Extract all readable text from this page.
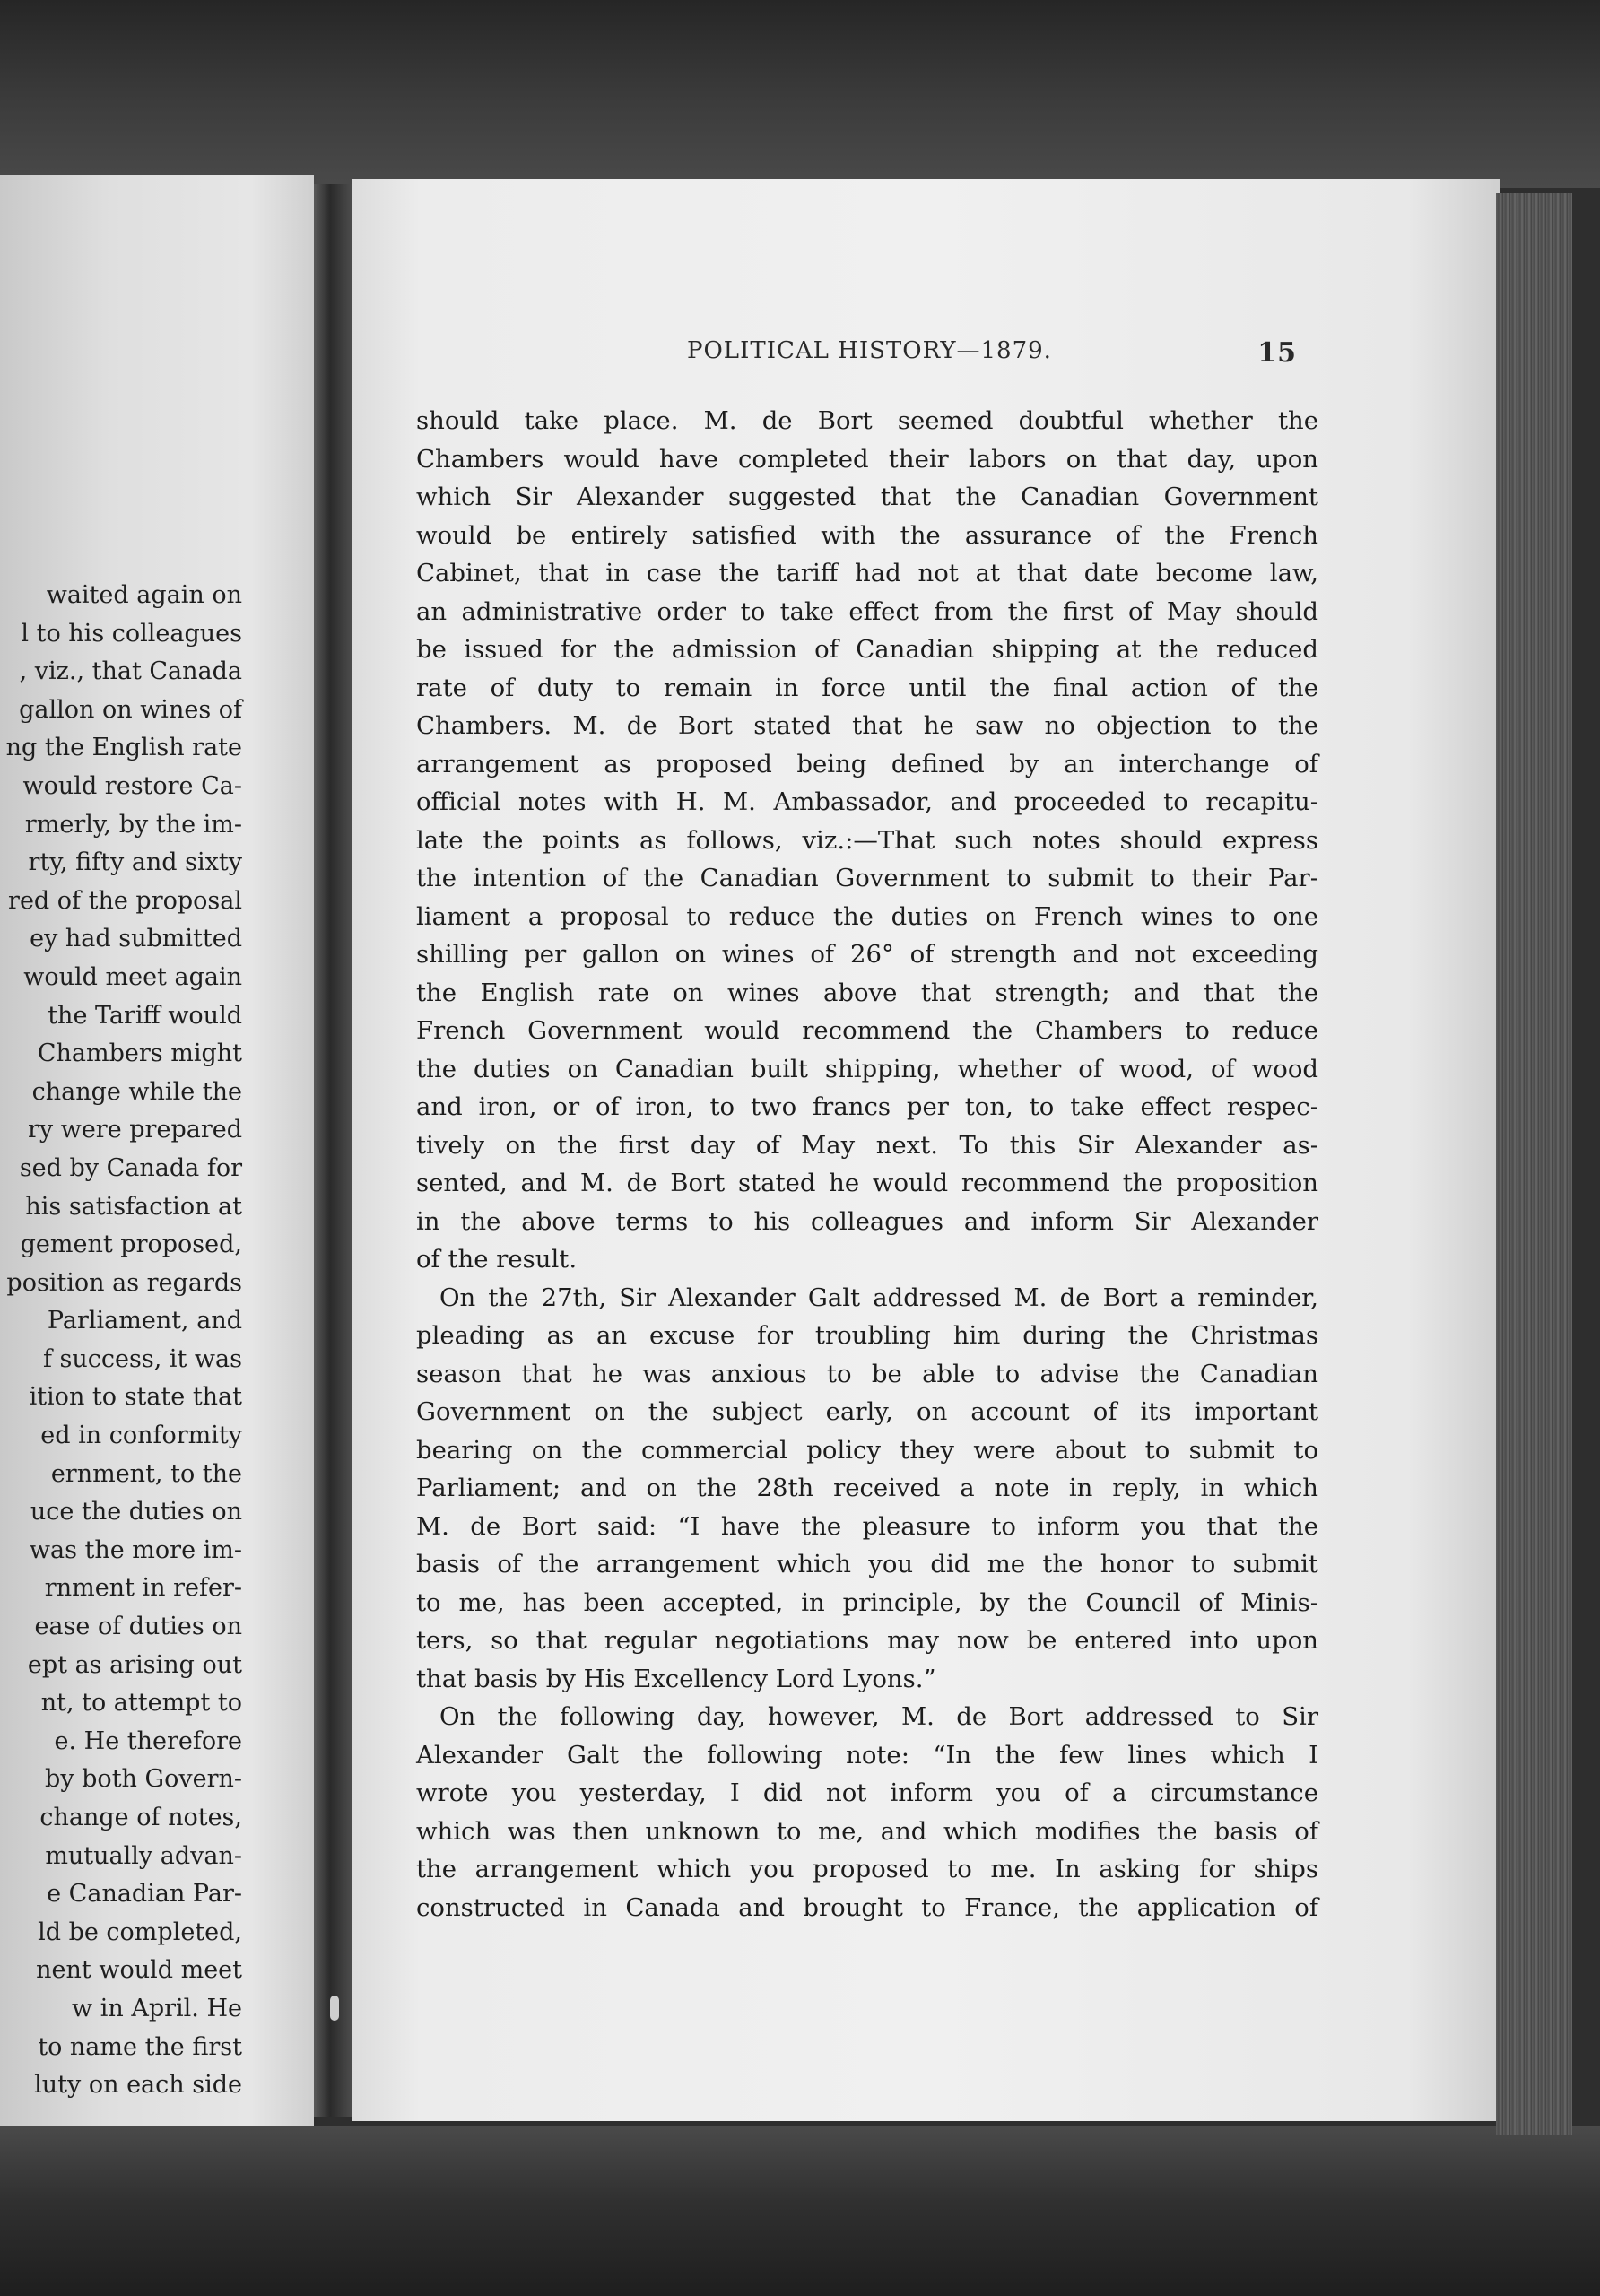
waited again on
l to his colleagues
, viz., that Canada
gallon on wines of
ng the English rate
would restore Ca-
rmerly, by the im-
rty, fifty and sixty
red of the proposal
ey had submitted
would meet again
the Tariff would
Chambers might
change while the
ry were prepared
sed by Canada for
his satisfaction at
gement proposed,
position as regards
Parliament, and
f success, it was
ition to state that
ed in conformity
ernment, to the
uce the duties on
was the more im-
rnment in refer-
ease of duties on
ept as arising out
nt, to attempt to
e. He therefore
by both Govern-
change of notes,
mutually advan-
e Canadian Par-
ld be completed,
nent would meet
w in April. He
to name the first
luty on each side
POLITICAL HISTORY—1879.	15
should take place. M. de Bort seemed doubtful whether the
Chambers would have completed their labors on that day, upon
which Sir Alexander suggested that the Canadian Government
would be entirely satisfied with the assurance of the French
Cabinet, that in case the tariff had not at that date become law,
an administrative order to take effect from the first of May should
be issued for the admission of Canadian shipping at the reduced
rate of duty to remain in force until the final action of the
Chambers. M. de Bort stated that he saw no objection to the
arrangement as proposed being defined by an interchange of
official notes with H. M. Ambassador, and proceeded to recapitu-
late the points as follows, viz.:—That such notes should express
the intention of the Canadian Government to submit to their Par-
liament a proposal to reduce the duties on French wines to one
shilling per gallon on wines of 26° of strength and not exceeding
the English rate on wines above that strength; and that the
French Government would recommend the Chambers to reduce
the duties on Canadian built shipping, whether of wood, of wood
and iron, or of iron, to two francs per ton, to take effect respec-
tively on the first day of May next. To this Sir Alexander as-
sented, and M. de Bort stated he would recommend the proposition
in the above terms to his colleagues and inform Sir Alexander
of the result.
On the 27th, Sir Alexander Galt addressed M. de Bort a reminder,
pleading as an excuse for troubling him during the Christmas
season that he was anxious to be able to advise the Canadian
Government on the subject early, on account of its important
bearing on the commercial policy they were about to submit to
Parliament; and on the 28th received a note in reply, in which
M. de Bort said: “I have the pleasure to inform you that the
basis of the arrangement which you did me the honor to submit
to me, has been accepted, in principle, by the Council of Minis-
ters, so that regular negotiations may now be entered into upon
that basis by His Excellency Lord Lyons.”
On the following day, however, M. de Bort addressed to Sir
Alexander Galt the following note: “In the few lines which I
wrote you yesterday, I did not inform you of a circumstance
which was then unknown to me, and which modifies the basis of
the arrangement which you proposed to me. In asking for ships
constructed in Canada and brought to France, the application of
